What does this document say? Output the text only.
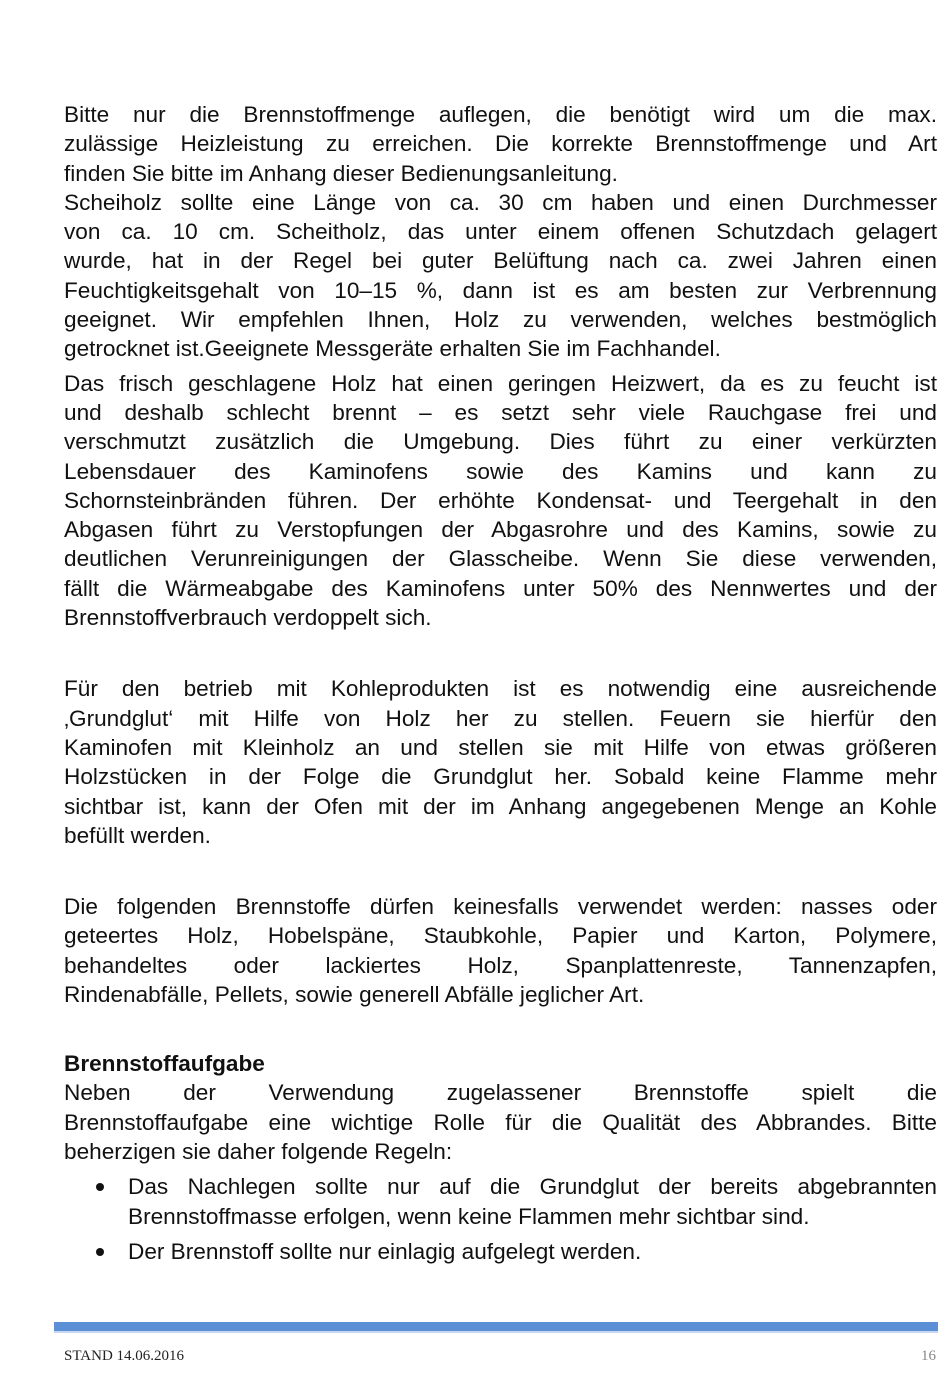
Bitte nur die Brennstoffmenge auflegen, die benötigt wird um die max.
zulässige Heizleistung zu erreichen. Die korrekte Brennstoffmenge und Art
finden Sie bitte im Anhang dieser Bedienungsanleitung.
Scheiholz sollte eine Länge von ca. 30 cm haben und einen Durchmesser
von ca. 10 cm. Scheitholz, das unter einem offenen Schutzdach gelagert
wurde, hat in der Regel bei guter Belüftung nach ca. zwei Jahren einen
Feuchtigkeitsgehalt von 10–15 %, dann ist es am besten zur Verbrennung
geeignet. Wir empfehlen Ihnen, Holz zu verwenden, welches bestmöglich
getrocknet ist.Geeignete Messgeräte erhalten Sie im Fachhandel.

Das frisch geschlagene Holz hat einen geringen Heizwert, da es zu feucht ist
und deshalb schlecht brennt – es setzt sehr viele Rauchgase frei und
verschmutzt zusätzlich die Umgebung. Dies führt zu einer verkürzten
Lebensdauer des Kaminofens sowie des Kamins und kann zu
Schornsteinbränden führen. Der erhöhte Kondensat- und Teergehalt in den
Abgasen führt zu Verstopfungen der Abgasrohre und des Kamins, sowie zu
deutlichen Verunreinigungen der Glasscheibe. Wenn Sie diese verwenden,
fällt die Wärmeabgabe des Kaminofens unter 50% des Nennwertes und der
Brennstoffverbrauch verdoppelt sich.

Für den betrieb mit Kohleprodukten ist es notwendig eine ausreichende
‚Grundglut‘ mit Hilfe von Holz her zu stellen. Feuern sie hierfür den
Kaminofen mit Kleinholz an und stellen sie mit Hilfe von etwas größeren
Holzstücken in der Folge die Grundglut her. Sobald keine Flamme mehr
sichtbar ist, kann der Ofen mit der im Anhang angegebenen Menge an Kohle
befüllt werden.

Die folgenden Brennstoffe dürfen keinesfalls verwendet werden: nasses oder
geteertes Holz, Hobelspäne, Staubkohle, Papier und Karton, Polymere,
behandeltes oder lackiertes Holz, Spanplattenreste, Tannenzapfen,
Rindenabfälle, Pellets, sowie generell Abfälle jeglicher Art.

Brennstoffaufgabe

Neben der Verwendung zugelassener Brennstoffe spielt die
Brennstoffaufgabe eine wichtige Rolle für die Qualität des Abbrandes. Bitte
beherzigen sie daher folgende Regeln:

Das Nachlegen sollte nur auf die Grundglut der bereits abgebrannten
Brennstoffmasse erfolgen, wenn keine Flammen mehr sichtbar sind.
Der Brennstoff sollte nur einlagig aufgelegt werden.
STAND 14.06.2016	16
